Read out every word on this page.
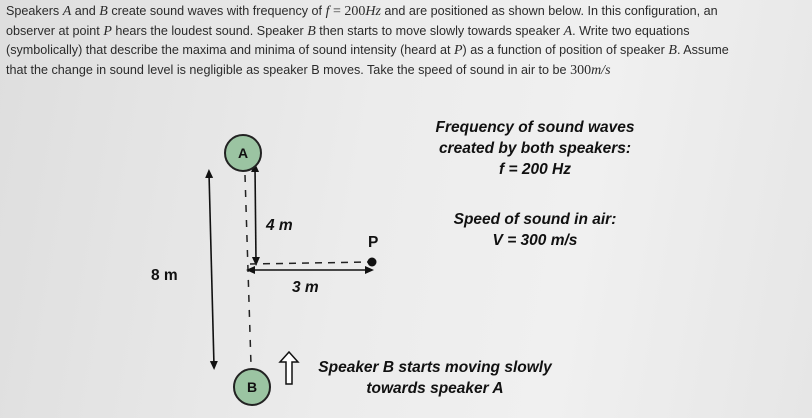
Speakers A and B create sound waves with frequency of f = 200Hz and are positioned as shown below. In this configuration, an

observer at point P hears the loudest sound. Speaker B then starts to move slowly towards speaker A. Write two equations

(symbolically) that describe the maxima and minima of sound intensity (heard at P) as a function of position of speaker B. Assume

that the change in sound level is negligible as speaker B moves. Take the speed of sound in air to be 300m/s

A
B
P
8 m
4 m
3 m
Frequency of sound waves
created by both speakers:
f = 200 Hz
Speed of sound in air:
V = 300 m/s
Speaker B starts moving slowly
towards speaker A
